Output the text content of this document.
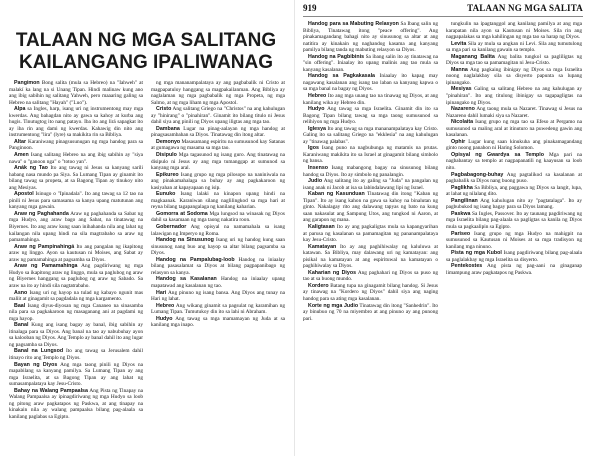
919	TALAAN NG MGA SALITA
TALAAN NG MGA SALITANG
KAILANGANG IPALIWANAG

Pangimon Bong salita (mula sa Hebreo) na "Iahweh" at malakí ka lang na si Unang Tipan. Hindi malinaw kung ano ang ibig sabihin ng salitang Yahweh, pero maaaring galing sa Hebreo na salitang "Hayah" ("Luo").

Alpa sa Ingles, harp, isang uri ng instrumentong may mga kwerdas. Ang bahagdan nito ay gawa sa kahoy at kurba ang hugis. Tinutugtog ito nang patayo. Iba ito ang lirá sapagkat ito ay iba rin ang dami ng kwerdas. Kahawig din nito ang instrumentong "lira" (lyre) sa makikita rin sa Bibliya.

Altar Karaniwang pinagsusunugan ng mga handog para sa Panginoon.

Amen Isang salitang Hebreo na ang ibig sabihin ay "siya nawa" o "ganoon nga" o "totoo yan".

Anák ng Tao Ito ang tawag ni Jesus sa kanyang sarili habang nasa mundo pa Siya. Sa Lumang Tipan ay ginamit ito bilang tawag sa propeta, at sa Bagong Tipan ay tinukoy nito ang Mesiyas.

Apostol Isinugo o "Ipinadala". Ito ang tawag sa 12 tao na pinili ni Jesus para samasama sa kanya upang matutunan ang kanyang mga gawain.

Araw ng Paghahanda Araw ng paghahanda sa Sabat ng mga Hudyo, ang araw bago ang Sabat, na tinatawag na Biyernes. Ito ang araw kung saan inihahanda nila ang lahat ng kailangan nila upang hindi na sila magtrabaho sa araw ng pamamahinga.

Araw ng Pampinahingá Ito ang pangalan ng ikapitong araw ng linggo. Ayon sa kautusan ni Moises, ang Sabat ay araw ng pamamahinga at pagsamba sa Diyos.

Araw ng Pamamahinga Ang pagdiriwang ng mga Hudyo sa ikapitong araw ng linggo, mula sa paglubog ng araw ng Biyernes hanggang sa paglubog ng araw ng Sabado. Sa araw na ito ay hindi sila nagtatrabaho.

Asno Isang uri ng hayop na tulad ng kabayo ngunit mas maliit at ginagamit sa pagdadala ng mga kargamento.

Baal Isang diyus-diyosan ng mga Cananeo na sinasamba nila para sa pagkakaroon ng masaganang ani at pagdami ng mga hayop.

Banal Kung ang isang bagay ay banal, ibig sabihin ay itinalaga para sa Diyos. Ang banal na tao ay nabubuhay ayon sa kalooban ng Diyos. Ang Templo ay banal dahil ito ang lugar ng pagsamba sa Diyos.

Banal na Lungsod Ito ang tawag sa Jerusalem dahil itinayo rito ang Templo ng Diyos.

Bayan ng Diyos Ang mga taong pinili ng Diyos na mapabilang sa kanyang pamilya. Sa Lumang Tipan ay ang mga Israelita, at sa Bagong Tipan ay ang lahat ng sumasampalataya kay Jesu-Cristo.

Bahay na Walang Pampaalsa Ang Pista ng Tinapay na Walang Pampaalsa ay ipinagdiriwang ng mga Hudyo sa loob ng pitong araw pagkatapos ng Paskwa, at ang tinapay na kinakain nila ay walang pampaalsa bilang pag-alaala sa kanilang paglabas sa Egipto.

ng mga mananampalataya ay ang pagbabalik ni Cristo at magpapatuloy hanggang sa magpakailanman. Ang Bibliya ay naglalaman ng mga pagbabalik ng mga Propeta, ng mga Salmo, at ng mga liham ng mga Apostol.

Cristo Ang salitang Griego na "Christos" na ang kahulugan ay "hinirang" o "pinahiran". Ginamit ito bilang titulo ni Jesus dahil siya ang pinili ng Diyos upang iligtas ang mga tao.

Dambana Lugar na pinag-aalayan ng mga handog at pinagsasambahan sa Diyos. Tinatawag din itong altar.

Demonyo Masasamang espiritu na sumusunod kay Satanas at gumagawa ng masama sa mga tao.

Disipulo Mga tagasunod ng isang guro. Ang tinatawag na disipulo ni Jesus ay ang mga tumanggap at sumunod sa kanyang mga aral.

Epikureo Isang grupo ng mga pilosopo na naniniwala na ang pinakamahalaga sa buhay ay ang pagkakaroon ng kasiyahan at kapayapaan ng isip.

Eunuko Isang lalaki na kinapon upang hindi na magkaanak. Karaniwan silang naglilingkod sa mga hari at reyna bilang tagapangalaga ng kanilang kaharian.

Gomorra at Sodoma Mga lungsod na winasak ng Diyos dahil sa kasamaan ng mga taong nakatira roon.

Gobernador Ang opisyal na namamahala sa isang lalawigan ng Imperyo ng Roma.

Handog na Sinusunog Isang uri ng handog kung saan sinusunog nang buo ang hayop sa altar bilang pagsamba sa Diyos.

Handog na Pampalubag-loob Handog na iniaalay bilang pasasalamat sa Diyos at bilang pagpapanibago ng relasyon sa kanya.

Handog sa Kasalanan Handog na iniaalay upang mapatawad ang kasalanan ng tao.

Hari Ang pinuno ng isang bansa. Ang Diyos ang tunay na Hari ng lahat.

Hebreo Ang wikang ginamit sa pagsulat ng karamihan ng Lumang Tipan. Tumutukoy din ito sa lahi ni Abraham.

Hudyo Ang tawag sa mga mamamayan ng Juda at sa kanilang mga inapo.

Handog para sa Mabuting Relasyon Sa Ibang salin ng Bibliya, Tinatawag itong "peace offering". Ang pinakamagandang bahagi nito ay sinusunog sa altar at ang natitira ay kinakain ng naghandog kasama ang kanyang pamilya bilang tanda ng mabuting relasyon sa Diyos.

Handog na Pagbibinis Sa ibang salin ito ay tinatawag na "sin offering". Iniaalay ito upang malinis ang tao mula sa kanyang kasalanan.

Handog sa Pagkakasala Iniaalay ito kapag may nagawang kasalanan ang isang tao laban sa kanyang kapwa o sa mga banal na bagay ng Diyos.

Hebreo Ito ang mga unang tao na tinawag ng Diyos, at ang kanilang wika ay Hebreo din.

Hudyo Ang tawag sa mga Israelita. Ginamit din ito sa Bagong Tipan bilang tawag sa mga taong sumusunod sa relihiyon ng mga Hudyo.

Iglesya Ito ang tawag sa mga mananampalataya kay Cristo. Galing ito sa salitang Griego na "ekklesia" na ang kahulugan ay "tinawag palabas".

Igos Isang puno na nagbubunga ng matamis na prutas. Karaniwang makikita ito sa Israel at ginagamit bilang simbolo ng bansa.

Insenso Isang mabangong bagay na sinusunog bilang handog sa Diyos. Ito ay simbolo ng panalangin.

Judio Ang salitang ito ay galing sa "Juda" na pangalan ng isang anak ni Jacob at isa sa labindalawang lipi ng Israel.

Kaban ng Kasunduan Tinatawag din itong "Kaban ng Tipan". Ito ay isang kahon na gawa sa kahoy na binalutan ng ginto. Nakalagay rito ang dalawang tapyas ng bato na kung saan nakasulat ang Sampung Utos, ang tungkod ni Aaron, at ang garapon ng mana.

Kaligtasan Ito ay ang pagkaligtas mula sa kapangyarihan at parusa ng kasalanan sa pamamagitan ng pananampalataya kay Jesu-Cristo.

Kamatayan Ito ay ang paghihiwalay ng kaluluwa at katawan. Sa Bibliya, may dalawang uri ng kamatayan: ang pisikal na kamatayan at ang espirituwal na kamatayan o paghihiwalay sa Diyos.

Kaharian ng Diyos Ang paghahari ng Diyos sa puso ng tao at sa buong mundo.

Kordero Batang tupa na ginagamit bilang handog. Si Jesus ay tinawag na "Kordero ng Diyos" dahil siya ang naging handog para sa ating mga kasalanan.

Korte ng mga Judio Tinatawag din itong "Sanhedrin". Ito ay binubuo ng 70 na miyembro at ang pinuno ay ang punong pari.

tungkulin na ipagtanggol ang kanilang pamilya at ang mga karapatan nila ayon sa Kautusan ni Moises. Sila rin ang nagpapalakas sa mga kahilingan ng mga tao sa harap ng Diyos.

Levita Sila ay mula sa angkan ni Levi. Sila ang tumutulong sa mga pari sa kanilang gawain sa templo.

Maganang Balita Ang balita tungkol sa pagliligtas ng Diyos sa mga tao sa pamamagitan ni Jesu-Cristo.

Manna Ang pagkaing ibinigay ng Diyos sa mga Israelita noong naglalakbay sila sa disyerto papunta sa lupang ipinangako.

Mesiyas Galing sa salitang Hebreo na ang kahulugan ay "pinahiran". Ito ang titulong ibinigay sa tagapagligtas na ipinangako ng Diyos.

Nazareno Ang taong mula sa Nazaret. Tinawag si Jesus na Nazareno dahil lumaki siya sa Nazaret.

Nicolaita Isang grupo ng mga tao sa Efeso at Pergamo na sumusunod sa maling aral at itinuturo na puwedeng gawin ang kasalanan.

Ophir Lugar kung saan kinukuha ang pinakamagandang ginto noong panahon ni Haring Solomon.

Opisyal ng Gwardya sa Templo Mga pari na nagbabantay sa templo at nagpapanatili ng kaayusan sa loob nito.

Pagbabagong-buhay Ang pagtalikod sa kasalanan at pagbabalik sa Diyos nang buong puso.

Paglikha Sa Bibliya, ang paggawa ng Diyos sa langit, lupa, at lahat ng nilalang dito.

Pangilinan Ang kahulugan nito ay "pagtatalaga". Ito ay pagbubukod ng isang bagay para sa Diyos lamang.

Paskwa Sa Ingles, Passover. Ito ay taunang pagdiriwang ng mga Israelita bilang pag-alaala sa pagligtas sa kanila ng Diyos mula sa pagkaalipin sa Egipto.

Pariseo Isang grupo ng mga Hudyo na mahigpit na sumusunod sa Kautusan ni Moises at sa mga tradisyon ng kanilang mga ninuno.

Pista ng mga Kubol Isang pagdiriwang bilang pag-alaala sa paglalakbay ng mga Israelita sa disyerto.

Pentekostes Ang pista ng pag-aani na ginaganap limampung araw pagkatapos ng Paskwa.
